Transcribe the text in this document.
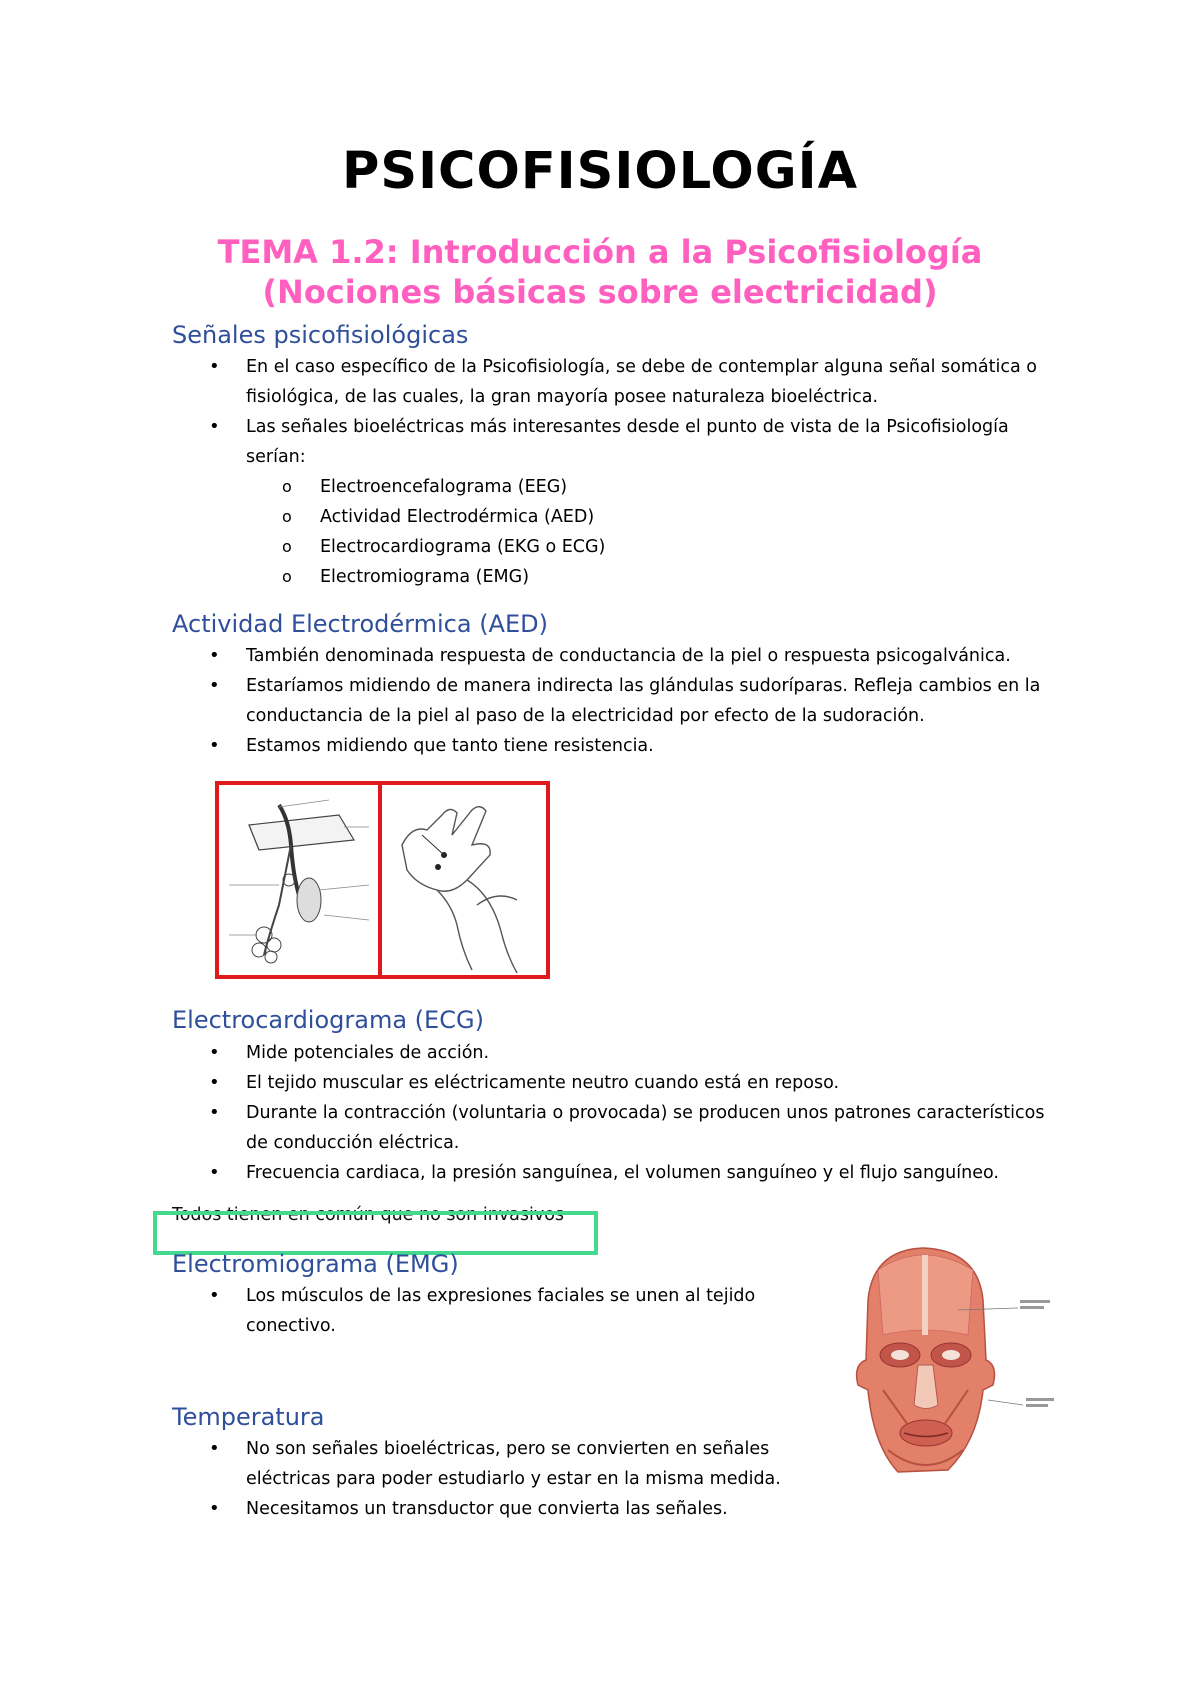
PSICOFISIOLOGÍA
TEMA 1.2: Introducción a la Psicofisiología
(Nociones básicas sobre electricidad)
Señales psicofisiológicas
• En el caso específico de la Psicofisiología, se debe de contemplar alguna señal somática o fisiológica, de las cuales, la gran mayoría posee naturaleza bioeléctrica.
• Las señales bioeléctricas más interesantes desde el punto de vista de la Psicofisiología serían:
o Electroencefalograma (EEG)
o Actividad Electrodérmica (AED)
o Electrocardiograma (EKG o ECG)
o Electromiograma (EMG)
Actividad Electrodérmica (AED)
• También denominada respuesta de conductancia de la piel o respuesta psicogalvánica.
• Estaríamos midiendo de manera indirecta las glándulas sudoríparas. Refleja cambios en la conductancia de la piel al paso de la electricidad por efecto de la sudoración.
• Estamos midiendo que tanto tiene resistencia.
Electrocardiograma (ECG)
• Mide potenciales de acción.
• El tejido muscular es eléctricamente neutro cuando está en reposo.
• Durante la contracción (voluntaria o provocada) se producen unos patrones característicos de conducción eléctrica.
• Frecuencia cardiaca, la presión sanguínea, el volumen sanguíneo y el flujo sanguíneo.
Todos tienen en común que no son invasivos
Electromiograma (EMG)
• Los músculos de las expresiones faciales se unen al tejido conectivo.
Temperatura
• No son señales bioeléctricas, pero se convierten en señales eléctricas para poder estudiarlo y estar en la misma medida.
• Necesitamos un transductor que convierta las señales.
